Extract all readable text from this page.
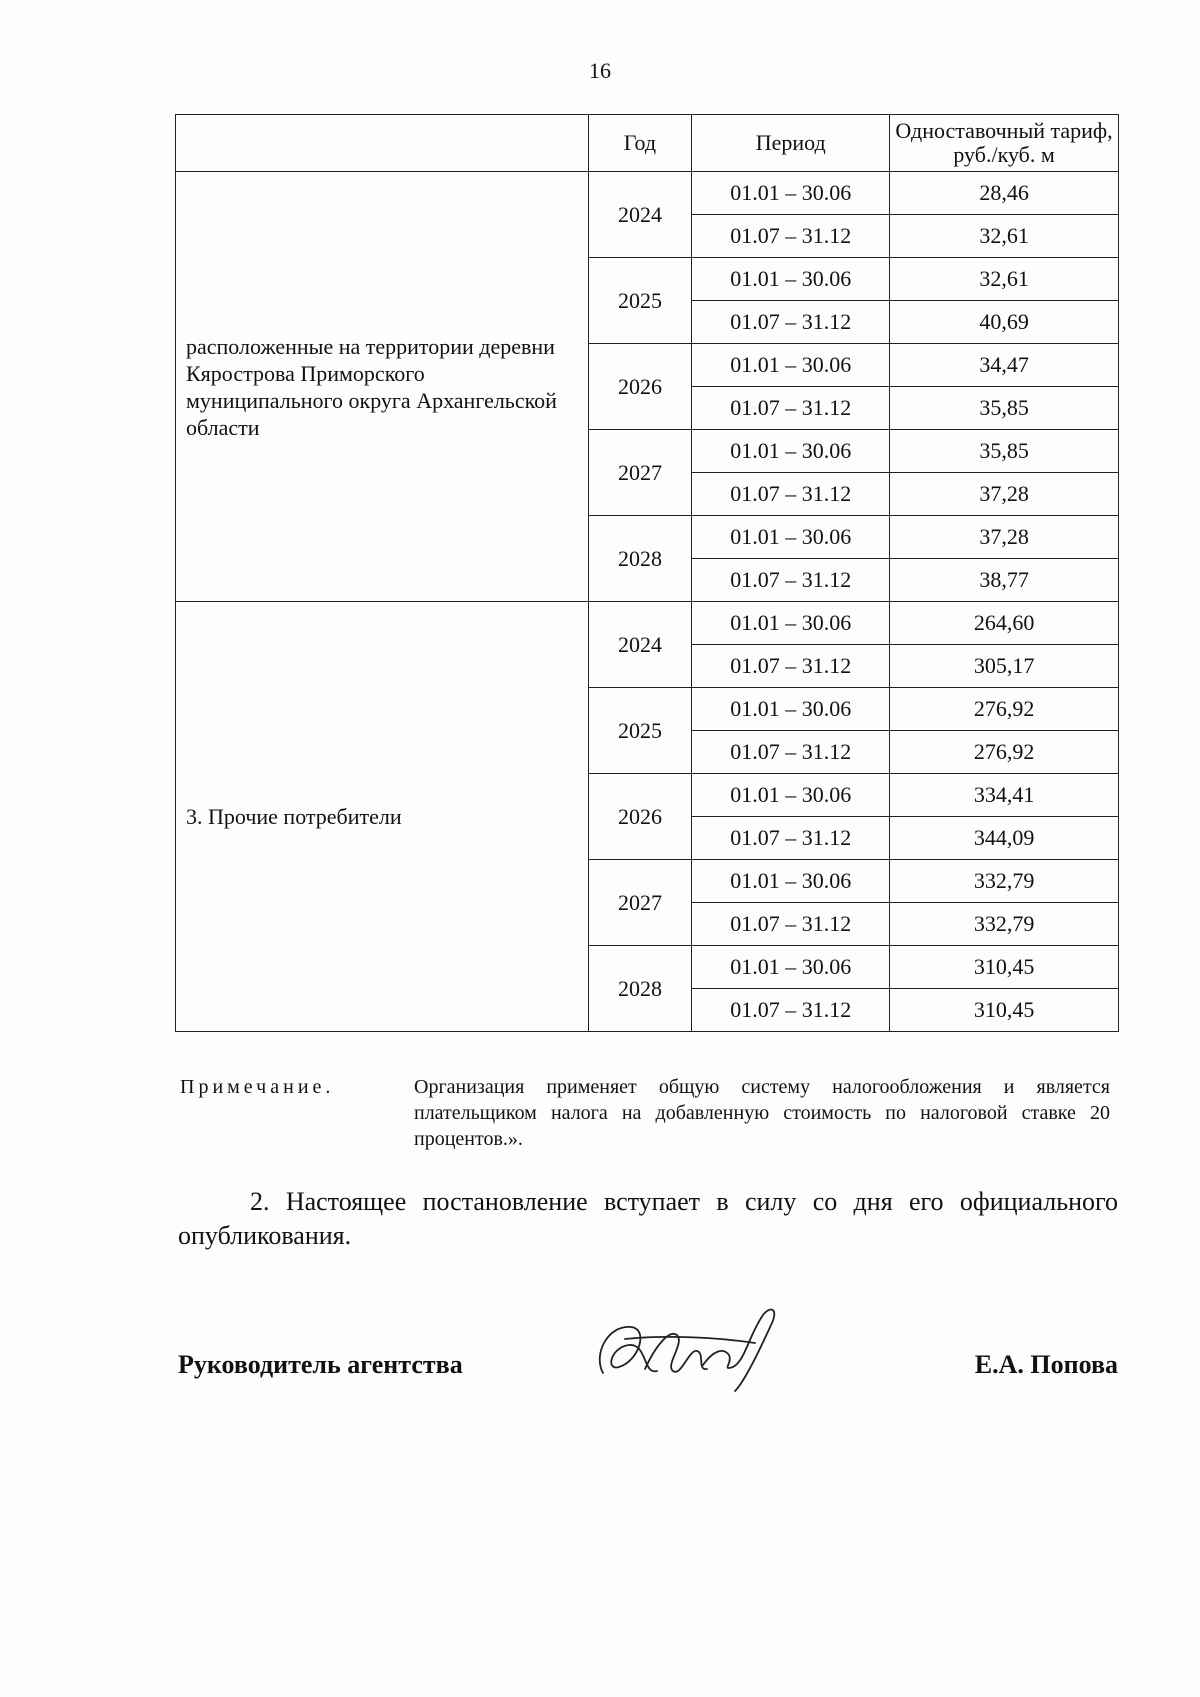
16
	Год	Период	Одноставочный тариф, руб./куб. м
расположенные на территории деревни Кярострова Приморского муниципального округа Архангельской области	2024	01.01 – 30.06	28,46
		01.07 – 31.12	32,61
	2025	01.01 – 30.06	32,61
		01.07 – 31.12	40,69
	2026	01.01 – 30.06	34,47
		01.07 – 31.12	35,85
	2027	01.01 – 30.06	35,85
		01.07 – 31.12	37,28
	2028	01.01 – 30.06	37,28
		01.07 – 31.12	38,77
3. Прочие потребители	2024	01.01 – 30.06	264,60
		01.07 – 31.12	305,17
	2025	01.01 – 30.06	276,92
		01.07 – 31.12	276,92
	2026	01.01 – 30.06	334,41
		01.07 – 31.12	344,09
	2027	01.01 – 30.06	332,79
		01.07 – 31.12	332,79
	2028	01.01 – 30.06	310,45
		01.07 – 31.12	310,45
Примечание.	Организация применяет общую систему налогообложения и является плательщиком налога на добавленную стоимость по налоговой ставке 20 процентов.».
2. Настоящее постановление вступает в силу со дня его официального опубликования.
Руководитель агентства	Е.А. Попова
